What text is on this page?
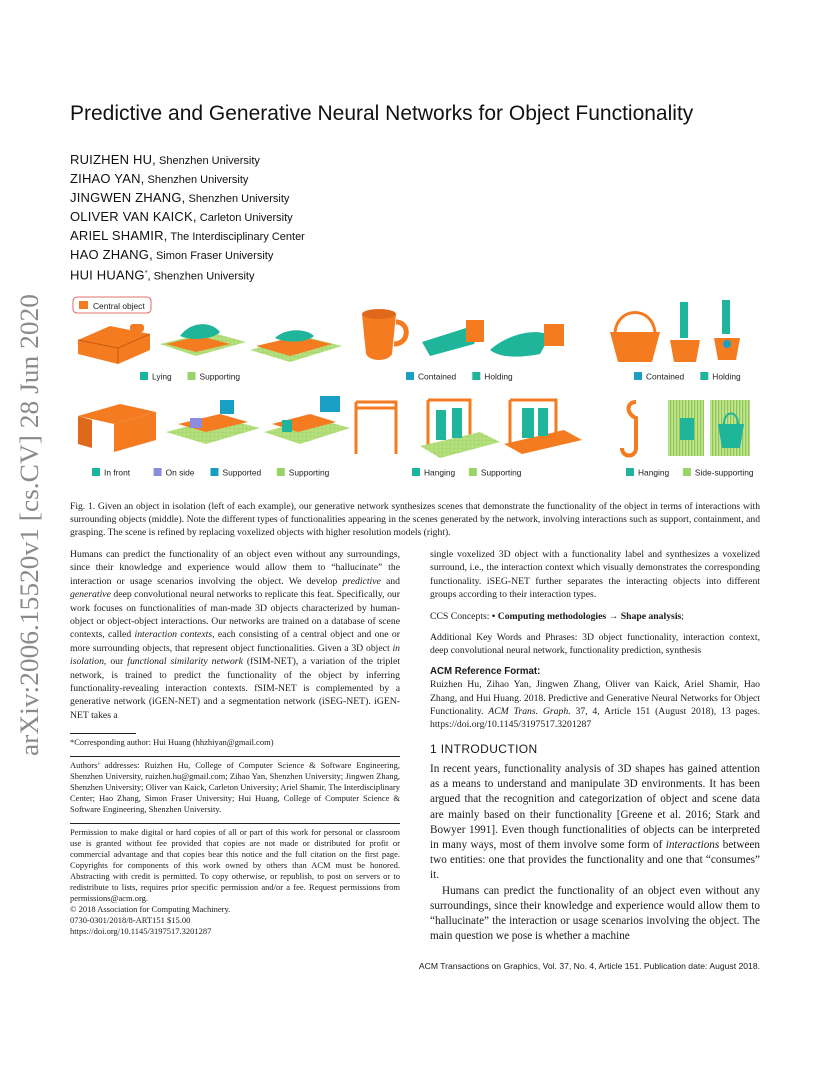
arXiv:2006.15520v1 [cs.CV] 28 Jun 2020
Predictive and Generative Neural Networks for Object Functionality
RUIZHEN HU, Shenzhen University
ZIHAO YAN, Shenzhen University
JINGWEN ZHANG, Shenzhen University
OLIVER VAN KAICK, Carleton University
ARIEL SHAMIR, The Interdisciplinary Center
HAO ZHANG, Simon Fraser University
HUI HUANG*, Shenzhen University
Central object
Lying	Supporting	Contained	Holding	Contained	Holding
In front	On side	Supported	Supporting	Hanging	Supporting	Hanging	Side-supporting
Fig. 1. Given an object in isolation (left of each example), our generative network synthesizes scenes that demonstrate the functionality of the object in terms of interactions with surrounding objects (middle). Note the different types of functionalities appearing in the scenes generated by the network, involving interactions such as support, containment, and grasping. The scene is refined by replacing voxelized objects with higher resolution models (right).

Humans can predict the functionality of an object even without any surroundings, since their knowledge and experience would allow them to “hallucinate” the interaction or usage scenarios involving the object. We develop predictive and generative deep convolutional neural networks to replicate this feat. Specifically, our work focuses on functionalities of man-made 3D objects characterized by human-object or object-object interactions. Our networks are trained on a database of scene contexts, called interaction contexts, each consisting of a central object and one or more surrounding objects, that represent object functionalities. Given a 3D object in isolation, our functional similarity network (fSIM-NET), a variation of the triplet network, is trained to predict the functionality of the object by inferring functionality-revealing interaction contexts. fSIM-NET is complemented by a generative network (iGEN-NET) and a segmentation network (iSEG-NET). iGEN-NET takes a

single voxelized 3D object with a functionality label and synthesizes a voxelized surround, i.e., the interaction context which visually demonstrates the corresponding functionality. iSEG-NET further separates the interacting objects into different groups according to their interaction types.

CCS Concepts: • Computing methodologies → Shape analysis;

Additional Key Words and Phrases: 3D object functionality, interaction context, deep convolutional neural network, functionality prediction, synthesis

ACM Reference Format:

Ruizhen Hu, Zihao Yan, Jingwen Zhang, Oliver van Kaick, Ariel Shamir, Hao Zhang, and Hui Huang. 2018. Predictive and Generative Neural Networks for Object Functionality. ACM Trans. Graph. 37, 4, Article 151 (August 2018), 13 pages. https://doi.org/10.1145/3197517.3201287

*Corresponding author: Hui Huang (hhzhiyan@gmail.com)
Authors’ addresses: Ruizhen Hu, College of Computer Science & Software Engineering, Shenzhen University, ruizhen.hu@gmail.com; Zihao Yan, Shenzhen University; Jingwen Zhang, Shenzhen University; Oliver van Kaick, Carleton University; Ariel Shamir, The Interdisciplinary Center; Hao Zhang, Simon Fraser University; Hui Huang, College of Computer Science & Software Engineering, Shenzhen University.
Permission to make digital or hard copies of all or part of this work for personal or classroom use is granted without fee provided that copies are not made or distributed for profit or commercial advantage and that copies bear this notice and the full citation on the first page. Copyrights for components of this work owned by others than ACM must be honored. Abstracting with credit is permitted. To copy otherwise, or republish, to post on servers or to redistribute to lists, requires prior specific permission and/or a fee. Request permissions from permissions@acm.org.
© 2018 Association for Computing Machinery.
0730-0301/2018/8-ART151 $15.00
https://doi.org/10.1145/3197517.3201287
1 INTRODUCTION

In recent years, functionality analysis of 3D shapes has gained attention as a means to understand and manipulate 3D environments. It has been argued that the recognition and categorization of object and scene data are mainly based on their functionality [Greene et al. 2016; Stark and Bowyer 1991]. Even though functionalities of objects can be interpreted in many ways, most of them involve some form of interactions between two entities: one that provides the functionality and one that “consumes” it.

Humans can predict the functionality of an object even without any surroundings, since their knowledge and experience would allow them to “hallucinate” the interaction or usage scenarios involving the object. The main question we pose is whether a machine

ACM Transactions on Graphics, Vol. 37, No. 4, Article 151. Publication date: August 2018.
